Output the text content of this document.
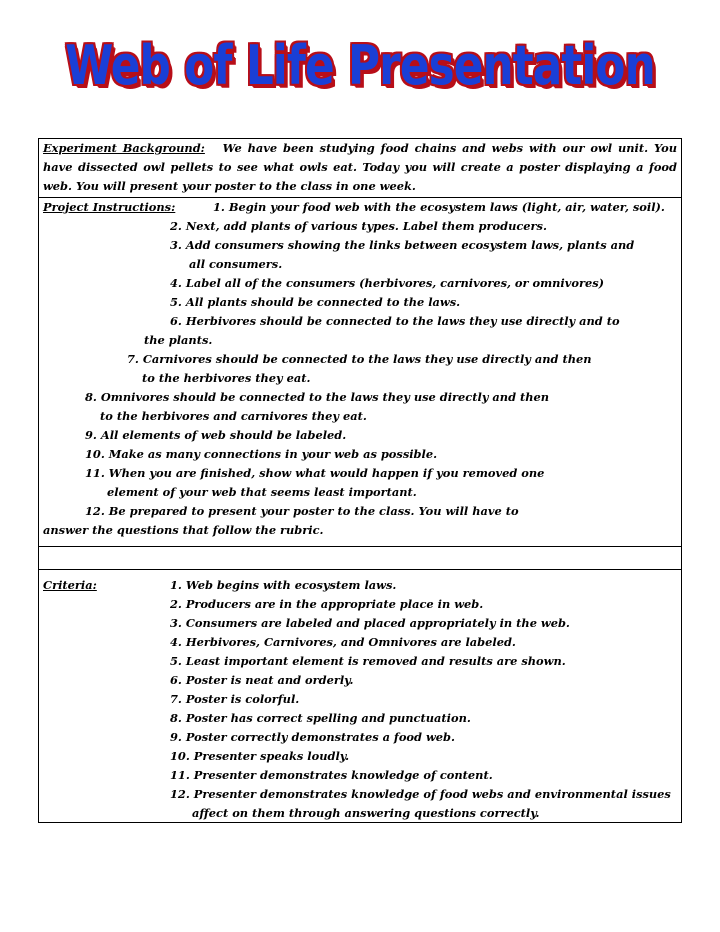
Web of Life Presentation

Experiment Background: We have been studying food chains and webs with our owl unit. You have dissected owl pellets to see what owls eat. Today you will create a poster displaying a food web. You will present your poster to the class in one week.

Project Instructions:	1. Begin your food web with the ecosystem laws (light, air, water, soil).
2. Next, add plants of various types. Label them producers.
3. Add consumers showing the links between ecosystem laws, plants and
all consumers.
4. Label all of the consumers (herbivores, carnivores, or omnivores)
5. All plants should be connected to the laws.
6. Herbivores should be connected to the laws they use directly and to
the plants.
7. Carnivores should be connected to the laws they use directly and then
to the herbivores they eat.
8. Omnivores should be connected to the laws they use directly and then
to the herbivores and carnivores they eat.
9. All elements of web should be labeled.
10. Make as many connections in your web as possible.
11. When you are finished, show what would happen if you removed one
element of your web that seems least important.
12. Be prepared to present your poster to the class. You will have to
answer the questions that follow the rubric.
Criteria:	1. Web begins with ecosystem laws.
2. Producers are in the appropriate place in web.
3. Consumers are labeled and placed appropriately in the web.
4. Herbivores, Carnivores, and Omnivores are labeled.
5. Least important element is removed and results are shown.
6. Poster is neat and orderly.
7. Poster is colorful.
8. Poster has correct spelling and punctuation.
9. Poster correctly demonstrates a food web.
10. Presenter speaks loudly.
11. Presenter demonstrates knowledge of content.
12. Presenter demonstrates knowledge of food webs and environmental issues
affect on them through answering questions correctly.
